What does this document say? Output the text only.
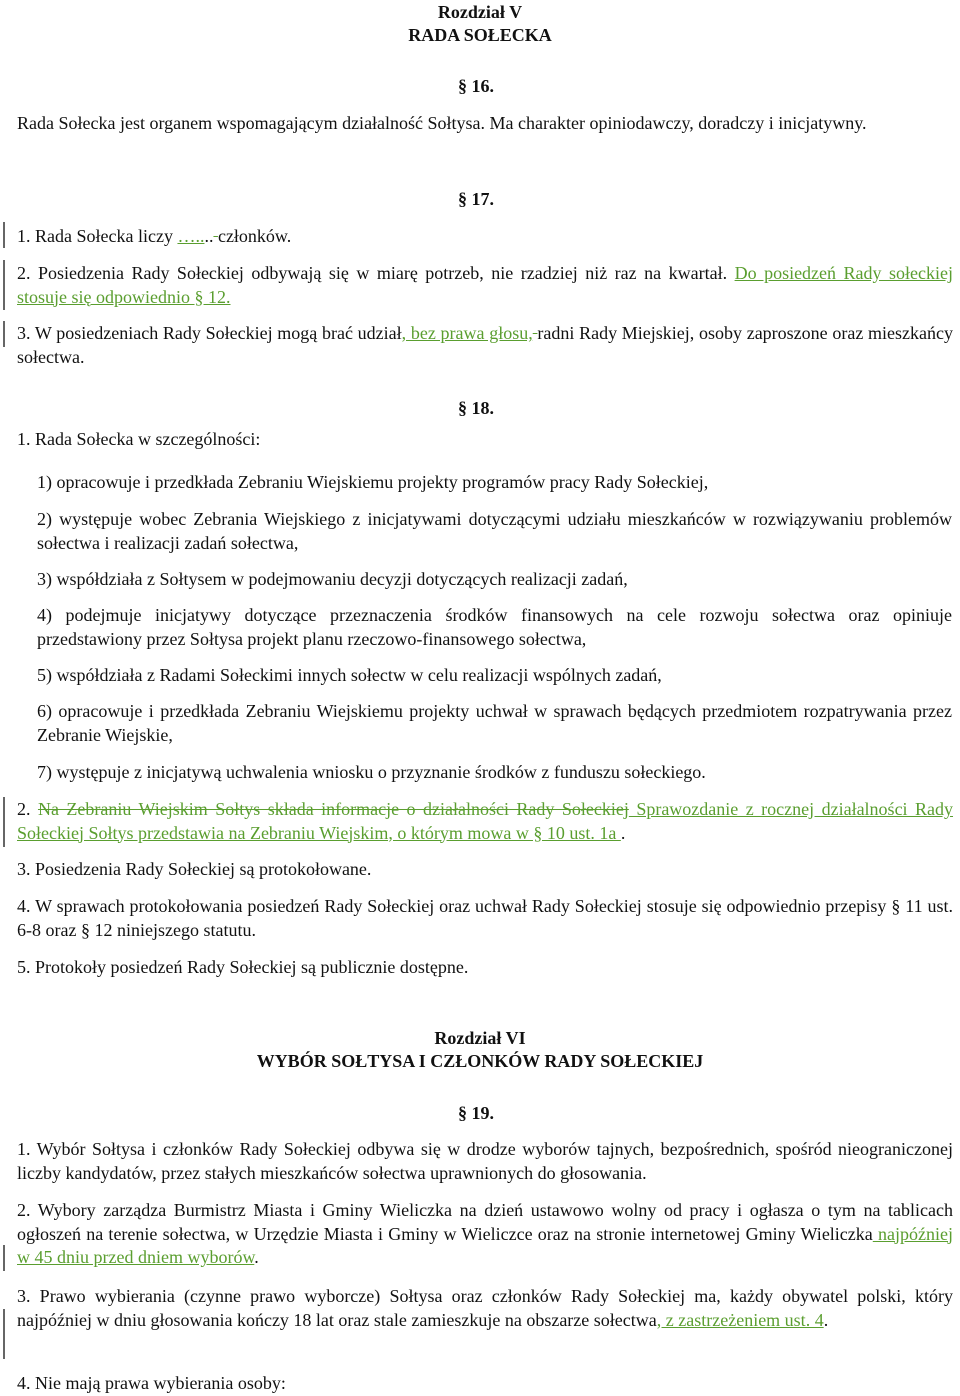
Rozdział V
RADA SOŁECKA
§ 16.
Rada Sołecka jest organem wspomagającym działalność Sołtysa. Ma charakter opiniodawczy, doradczy i inicjatywny.
§ 17.
1. Rada Sołecka liczy ….... członków.
2. Posiedzenia Rady Sołeckiej odbywają się w miarę potrzeb, nie rzadziej niż raz na kwartał. Do posiedzeń Rady sołeckiej stosuje się odpowiednio § 12.
3. W posiedzeniach Rady Sołeckiej mogą brać udział, bez prawa głosu, radni Rady Miejskiej, osoby zaproszone oraz mieszkańcy sołectwa.
§ 18.
1. Rada Sołecka w szczególności:
1) opracowuje i przedkłada Zebraniu Wiejskiemu projekty programów pracy Rady Sołeckiej,
2) występuje wobec Zebrania Wiejskiego z inicjatywami dotyczącymi udziału mieszkańców w rozwiązywaniu problemów sołectwa i realizacji zadań sołectwa,
3) współdziała z Sołtysem w podejmowaniu decyzji dotyczących realizacji zadań,
4) podejmuje inicjatywy dotyczące przeznaczenia środków finansowych na cele rozwoju sołectwa oraz opiniuje przedstawiony przez Sołtysa projekt planu rzeczowo-finansowego sołectwa,
5) współdziała z Radami Sołeckimi innych sołectw w celu realizacji wspólnych zadań,
6) opracowuje i przedkłada Zebraniu Wiejskiemu projekty uchwał w sprawach będących przedmiotem rozpatrywania przez Zebranie Wiejskie,
7) występuje z inicjatywą uchwalenia wniosku o przyznanie środków z funduszu sołeckiego.
2. Na Zebraniu Wiejskim Sołtys składa informacje o działalności Rady Sołeckiej Sprawozdanie z rocznej działalności Rady Sołeckiej Sołtys przedstawia na Zebraniu Wiejskim, o którym mowa w § 10 ust. 1a .
3. Posiedzenia Rady Sołeckiej są protokołowane.
4. W sprawach protokołowania posiedzeń Rady Sołeckiej oraz uchwał Rady Sołeckiej stosuje się odpowiednio przepisy § 11 ust. 6-8 oraz § 12 niniejszego statutu.
5. Protokoły posiedzeń Rady Sołeckiej są publicznie dostępne.
Rozdział VI
WYBÓR SOŁTYSA I CZŁONKÓW RADY SOŁECKIEJ
§ 19.
1. Wybór Sołtysa i członków Rady Sołeckiej odbywa się w drodze wyborów tajnych, bezpośrednich, spośród nieograniczonej liczby kandydatów, przez stałych mieszkańców sołectwa uprawnionych do głosowania.
2. Wybory zarządza Burmistrz Miasta i Gminy Wieliczka na dzień ustawowo wolny od pracy i ogłasza o tym na tablicach ogłoszeń na terenie sołectwa, w Urzędzie Miasta i Gminy w Wieliczce oraz na stronie internetowej Gminy Wieliczka najpóźniej w 45 dniu przed dniem wyborów.
3. Prawo wybierania (czynne prawo wyborcze) Sołtysa oraz członków Rady Sołeckiej ma, każdy obywatel polski, który najpóźniej w dniu głosowania kończy 18 lat oraz stale zamieszkuje na obszarze sołectwa, z zastrzeżeniem ust. 4.
4. Nie mają prawa wybierania osoby:
